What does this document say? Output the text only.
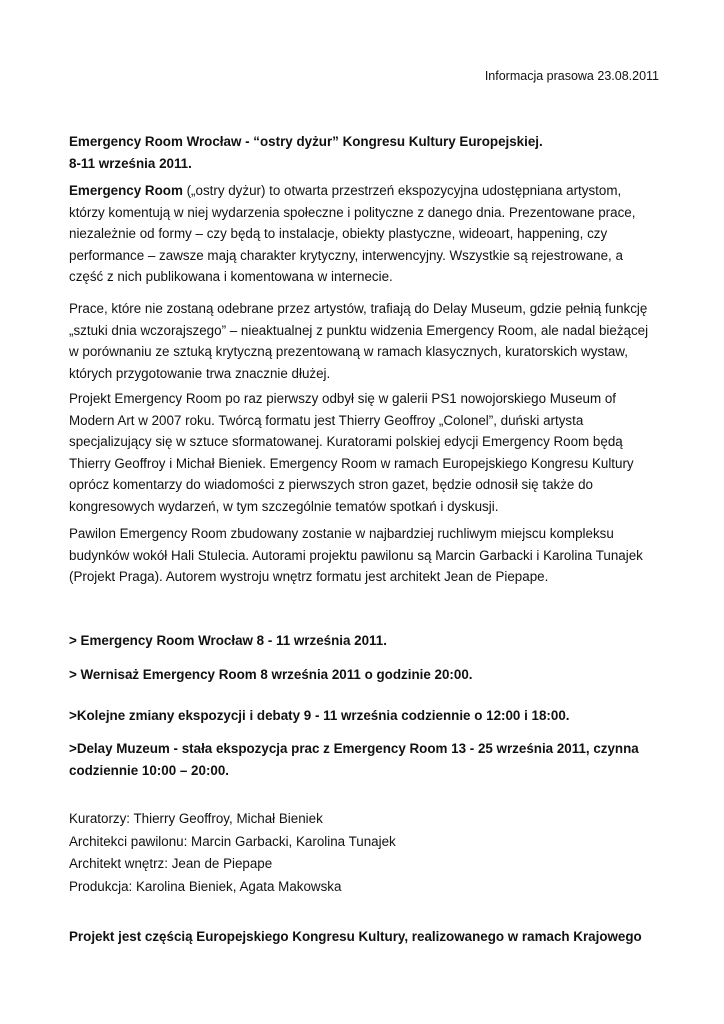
Informacja prasowa 23.08.2011

Emergency Room Wrocław - “ostry dyżur” Kongresu Kultury Europejskiej.
8-11 września 2011.

Emergency Room („ostry dyżur) to otwarta przestrzeń ekspozycyjna udostępniana artystom, którzy komentują w niej wydarzenia społeczne i polityczne z danego dnia. Prezentowane prace, niezależnie od formy – czy będą to instalacje, obiekty plastyczne, wideoart, happening, czy performance – zawsze mają charakter krytyczny, interwencyjny. Wszystkie są rejestrowane, a część z nich publikowana i komentowana w internecie.

Prace, które nie zostaną odebrane przez artystów, trafiają do Delay Museum, gdzie pełnią funkcję „sztuki dnia wczorajszego” – nieaktualnej z punktu widzenia Emergency Room, ale nadal bieżącej w porównaniu ze sztuką krytyczną prezentowaną w ramach klasycznych, kuratorskich wystaw, których przygotowanie trwa znacznie dłużej.

Projekt Emergency Room po raz pierwszy odbył się w galerii PS1 nowojorskiego Museum of Modern Art w 2007 roku. Twórcą formatu jest Thierry Geoffroy „Colonel”, duński artysta specjalizujący się w sztuce sformatowanej. Kuratorami polskiej edycji Emergency Room będą Thierry Geoffroy i Michał Bieniek. Emergency Room w ramach Europejskiego Kongresu Kultury oprócz komentarzy do wiadomości z pierwszych stron gazet, będzie odnosił się także do kongresowych wydarzeń, w tym szczególnie tematów spotkań i dyskusji.

Pawilon Emergency Room zbudowany zostanie w najbardziej ruchliwym miejscu kompleksu budynków wokół Hali Stulecia. Autorami projektu pawilonu są Marcin Garbacki i Karolina Tunajek (Projekt Praga). Autorem wystroju wnętrz formatu jest architekt Jean de Piepape.

> Emergency Room Wrocław 8 - 11 września 2011.

> Wernisaż Emergency Room 8 września 2011 o godzinie 20:00.

>Kolejne zmiany ekspozycji i debaty 9 - 11 września codziennie o 12:00 i 18:00.

>Delay Muzeum - stała ekspozycja prac z Emergency Room 13 - 25 września 2011, czynna codziennie 10:00 – 20:00.

Kuratorzy: Thierry Geoffroy, Michał Bieniek
Architekci pawilonu: Marcin Garbacki, Karolina Tunajek
Architekt wnętrz: Jean de Piepape
Produkcja: Karolina Bieniek, Agata Makowska

Projekt jest częścią Europejskiego Kongresu Kultury, realizowanego w ramach Krajowego
